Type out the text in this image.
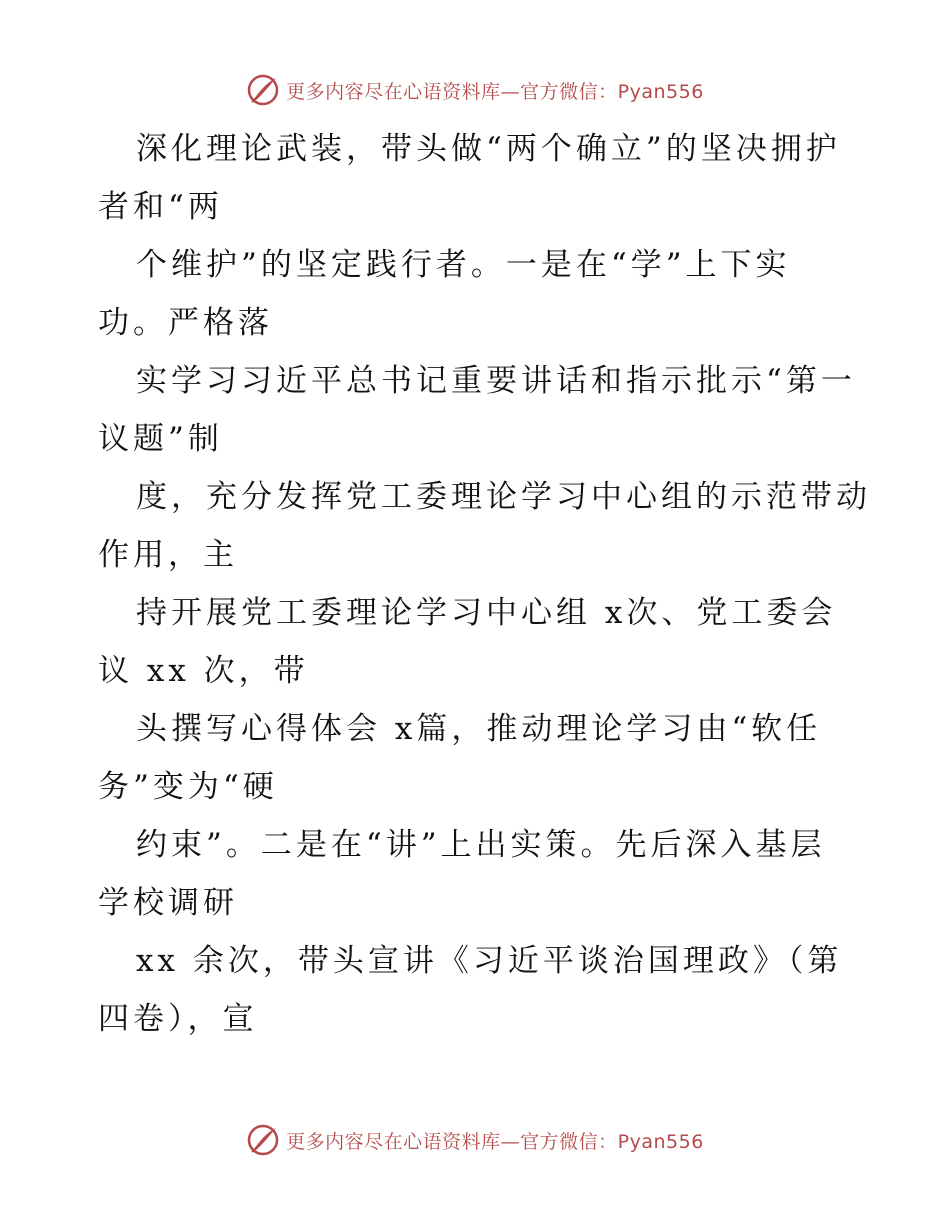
更多内容尽在心语资料库—官方微信：Pyan556
深化理论武装，带头做“两个确立”的坚决拥护
者和“两
个维护”的坚定践行者。一是在“学”上下实
功。严格落
实学习习近平总书记重要讲话和指示批示“第一
议题”制
度，充分发挥党工委理论学习中心组的示范带动
作用，主
持开展党工委理论学习中心组 x次、党工委会
议 xx 次，带
头撰写心得体会 x篇，推动理论学习由“软任
务”变为“硬
约束”。二是在“讲”上出实策。先后深入基层
学校调研
xx 余次，带头宣讲《习近平谈治国理政》（第
四卷），宣
更多内容尽在心语资料库—官方微信：Pyan556
